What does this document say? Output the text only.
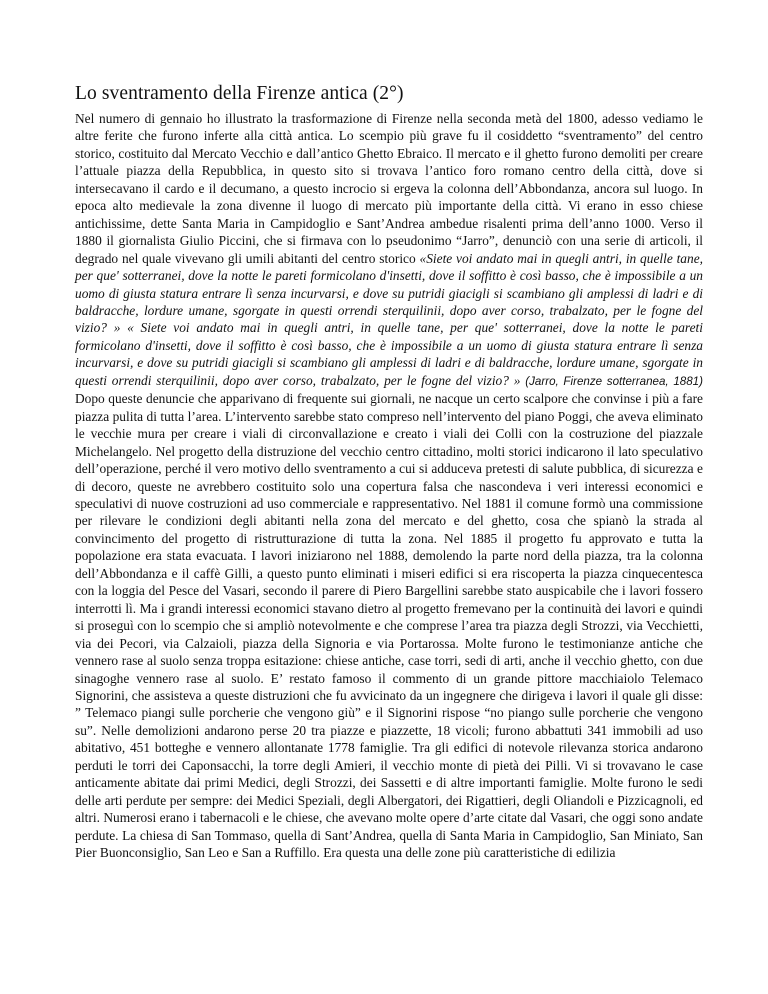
Lo sventramento della Firenze antica (2°)

Nel numero di gennaio ho illustrato la trasformazione di Firenze nella seconda metà del 1800, adesso vediamo le altre ferite che furono inferte alla città antica. Lo scempio più grave fu il cosiddetto “sventramento” del centro storico, costituito dal Mercato Vecchio e dall’antico Ghetto Ebraico. Il mercato e il ghetto furono demoliti per creare l’attuale piazza della Repubblica, in questo sito si trovava l’antico foro romano centro della città, dove si intersecavano il cardo e il decumano, a questo incrocio si ergeva la colonna dell’Abbondanza, ancora sul luogo. In epoca alto medievale la zona divenne il luogo di mercato più importante della città. Vi erano in esso chiese antichissime, dette Santa Maria in Campidoglio e Sant’Andrea ambedue risalenti prima dell’anno 1000. Verso il 1880 il giornalista Giulio Piccini, che si firmava con lo pseudonimo “Jarro”, denunciò con una serie di articoli, il degrado nel quale vivevano gli umili abitanti del centro storico «Siete voi andato mai in quegli antri, in quelle tane, per que' sotterranei, dove la notte le pareti formicolano d'insetti, dove il soffitto è così basso, che è impossibile a un uomo di giusta statura entrare lì senza incurvarsi, e dove su putridi giacigli si scambiano gli amplessi di ladri e di baldracche, lordure umane, sgorgate in questi orrendi sterquilinii, dopo aver corso, trabalzato, per le fogne del vizio? » « Siete voi andato mai in quegli antri, in quelle tane, per que' sotterranei, dove la notte le pareti formicolano d'insetti, dove il soffitto è così basso, che è impossibile a un uomo di giusta statura entrare lì senza incurvarsi, e dove su putridi giacigli si scambiano gli amplessi di ladri e di baldracche, lordure umane, sgorgate in questi orrendi sterquilinii, dopo aver corso, trabalzato, per le fogne del vizio? » (Jarro, Firenze sotterranea, 1881) Dopo queste denuncie che apparivano di frequente sui giornali, ne nacque un certo scalpore che convinse i più a fare piazza pulita di tutta l’area. L’intervento sarebbe stato compreso nell’intervento del piano Poggi, che aveva eliminato le vecchie mura per creare i viali di circonvallazione e creato i viali dei Colli con la costruzione del piazzale Michelangelo. Nel progetto della distruzione del vecchio centro cittadino, molti storici indicarono il lato speculativo dell’operazione, perché il vero motivo dello sventramento a cui si adduceva pretesti di salute pubblica, di sicurezza e di decoro, queste ne avrebbero costituito solo una copertura falsa che nascondeva i veri interessi economici e speculativi di nuove costruzioni ad uso commerciale e rappresentativo. Nel 1881 il comune formò una commissione per rilevare le condizioni degli abitanti nella zona del mercato e del ghetto, cosa che spianò la strada al convincimento del progetto di ristrutturazione di tutta la zona. Nel 1885 il progetto fu approvato e tutta la popolazione era stata evacuata. I lavori iniziarono nel 1888, demolendo la parte nord della piazza, tra la colonna dell’Abbondanza e il caffè Gilli, a questo punto eliminati i miseri edifici si era riscoperta la piazza cinquecentesca con la loggia del Pesce del Vasari, secondo il parere di Piero Bargellini sarebbe stato auspicabile che i lavori fossero interrotti lì. Ma i grandi interessi economici stavano dietro al progetto fremevano per la continuità dei lavori e quindi si proseguì con lo scempio che si ampliò notevolmente e che comprese l’area tra piazza degli Strozzi, via Vecchietti, via dei Pecori, via Calzaioli, piazza della Signoria e via Portarossa. Molte furono le testimonianze antiche che vennero rase al suolo senza troppa esitazione: chiese antiche, case torri, sedi di arti, anche il vecchio ghetto, con due sinagoghe vennero rase al suolo. E’ restato famoso il commento di un grande pittore macchiaiolo Telemaco Signorini, che assisteva a queste distruzioni che fu avvicinato da un ingegnere che dirigeva i lavori il quale gli disse: ” Telemaco piangi sulle porcherie che vengono giù” e il Signorini rispose “no piango sulle porcherie che vengono su”. Nelle demolizioni andarono perse 20 tra piazze e piazzette, 18 vicoli; furono abbattuti 341 immobili ad uso abitativo, 451 botteghe e vennero allontanate 1778 famiglie. Tra gli edifici di notevole rilevanza storica andarono perduti le torri dei Caponsacchi, la torre degli Amieri, il vecchio monte di pietà dei Pilli. Vi si trovavano le case anticamente abitate dai primi Medici, degli Strozzi, dei Sassetti e di altre importanti famiglie. Molte furono le sedi delle arti perdute per sempre: dei Medici Speziali, degli Albergatori, dei Rigattieri, degli Oliandoli e Pizzicagnoli, ed altri. Numerosi erano i tabernacoli e le chiese, che avevano molte opere d’arte citate dal Vasari, che oggi sono andate perdute. La chiesa di San Tommaso, quella di Sant’Andrea, quella di Santa Maria in Campidoglio, San Miniato, San Pier Buonconsiglio, San Leo e San a Ruffillo. Era questa una delle zone più caratteristiche di edilizia
